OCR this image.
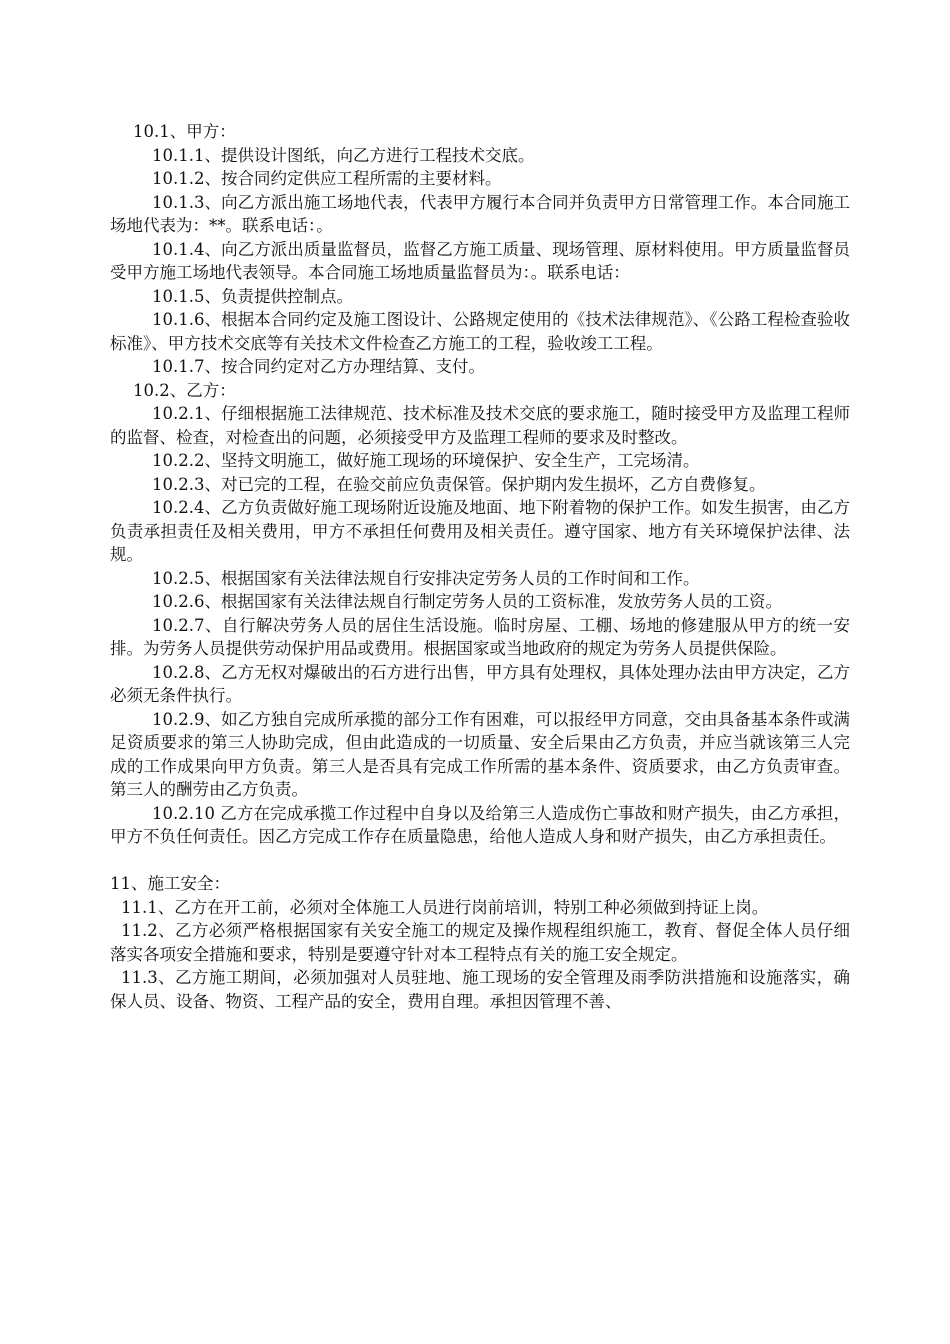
10.1、甲方：

10.1.1、提供设计图纸，向乙方进行工程技术交底。

10.1.2、按合同约定供应工程所需的主要材料。

10.1.3、向乙方派出施工场地代表，代表甲方履行本合同并负责甲方日常管理工作。本合同施工场地代表为：**。联系电话：。

10.1.4、向乙方派出质量监督员，监督乙方施工质量、现场管理、原材料使用。甲方质量监督员受甲方施工场地代表领导。本合同施工场地质量监督员为：。联系电话：

10.1.5、负责提供控制点。

10.1.6、根据本合同约定及施工图设计、公路规定使用的《技术法律规范》、《公路工程检查验收标准》、甲方技术交底等有关技术文件检查乙方施工的工程，验收竣工工程。

10.1.7、按合同约定对乙方办理结算、支付。

10.2、乙方：

10.2.1、仔细根据施工法律规范、技术标准及技术交底的要求施工，随时接受甲方及监理工程师的监督、检查，对检查出的问题，必须接受甲方及监理工程师的要求及时整改。

10.2.2、坚持文明施工，做好施工现场的环境保护、安全生产，工完场清。

10.2.3、对已完的工程，在验交前应负责保管。保护期内发生损坏，乙方自费修复。

10.2.4、乙方负责做好施工现场附近设施及地面、地下附着物的保护工作。如发生损害，由乙方负责承担责任及相关费用，甲方不承担任何费用及相关责任。遵守国家、地方有关环境保护法律、法规。

10.2.5、根据国家有关法律法规自行安排决定劳务人员的工作时间和工作。

10.2.6、根据国家有关法律法规自行制定劳务人员的工资标准，发放劳务人员的工资。

10.2.7、自行解决劳务人员的居住生活设施。临时房屋、工棚、场地的修建服从甲方的统一安排。为劳务人员提供劳动保护用品或费用。根据国家或当地政府的规定为劳务人员提供保险。

10.2.8、乙方无权对爆破出的石方进行出售，甲方具有处理权，具体处理办法由甲方决定，乙方必须无条件执行。

10.2.9、如乙方独自完成所承揽的部分工作有困难，可以报经甲方同意，交由具备基本条件或满足资质要求的第三人协助完成，但由此造成的一切质量、安全后果由乙方负责，并应当就该第三人完成的工作成果向甲方负责。第三人是否具有完成工作所需的基本条件、资质要求，由乙方负责审查。第三人的酬劳由乙方负责。

10.2.10 乙方在完成承揽工作过程中自身以及给第三人造成伤亡事故和财产损失，由乙方承担，甲方不负任何责任。因乙方完成工作存在质量隐患，给他人造成人身和财产损失，由乙方承担责任。

11、施工安全：

11.1、乙方在开工前，必须对全体施工人员进行岗前培训，特别工种必须做到持证上岗。

11.2、乙方必须严格根据国家有关安全施工的规定及操作规程组织施工，教育、督促全体人员仔细落实各项安全措施和要求，特别是要遵守针对本工程特点有关的施工安全规定。

11.3、乙方施工期间，必须加强对人员驻地、施工现场的安全管理及雨季防洪措施和设施落实，确保人员、设备、物资、工程产品的安全，费用自理。承担因管理不善、
